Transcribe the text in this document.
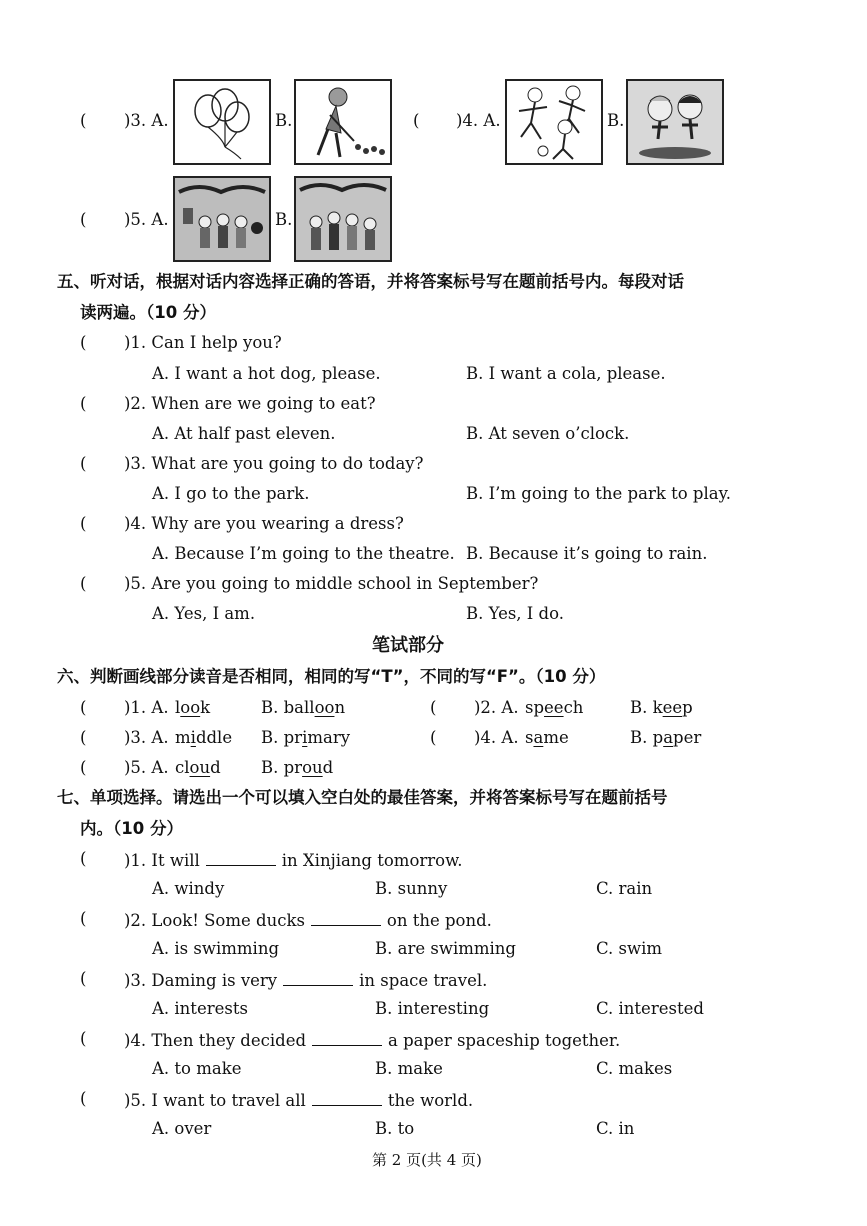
( )3. A.	B.	( )4. A.	B.
( )5. A.	B.
五、听对话，根据对话内容选择正确的答语，并将答案标号写在题前括号内。每段对话
读两遍。（10 分）
( )1. Can I help you?
A. I want a hot dog, please.	B. I want a cola, please.
( )2. When are we going to eat?
A. At half past eleven.	B. At seven o’clock.
( )3. What are you going to do today?
A. I go to the park.	B. I’m going to the park to play.
( )4. Why are you wearing a dress?
A. Because I’m going to the theatre. B. Because it’s going to rain.
( )5. Are you going to middle school in September?
A. Yes, I am.	B. Yes, I do.
笔试部分
六、判断画线部分读音是否相同，相同的写“T”，不同的写“F”。（10 分）
( )1. A. look	B. balloon	( )2. A. speech	B. keep
( )3. A. middle B. primary	( )4. A. same	B. paper
( )5. A. cloud B. proud
七、单项选择。请选出一个可以填入空白处的最佳答案，并将答案标号写在题前括号
内。（10 分）
( )1. It will	in Xinjiang tomorrow.
A. windy	B. sunny	C. rain
( )2. Look! Some ducks	on the pond.
A. is swimming	B. are swimming	C. swim
( )3. Daming is very	in space travel.
A. interests	B. interesting	C. interested
( )4. Then they decided	a paper spaceship together.
A. to make	B. make	C. makes
( )5. I want to travel all	the world.
A. over	B. to	C. in
第 2 页(共 4 页)
